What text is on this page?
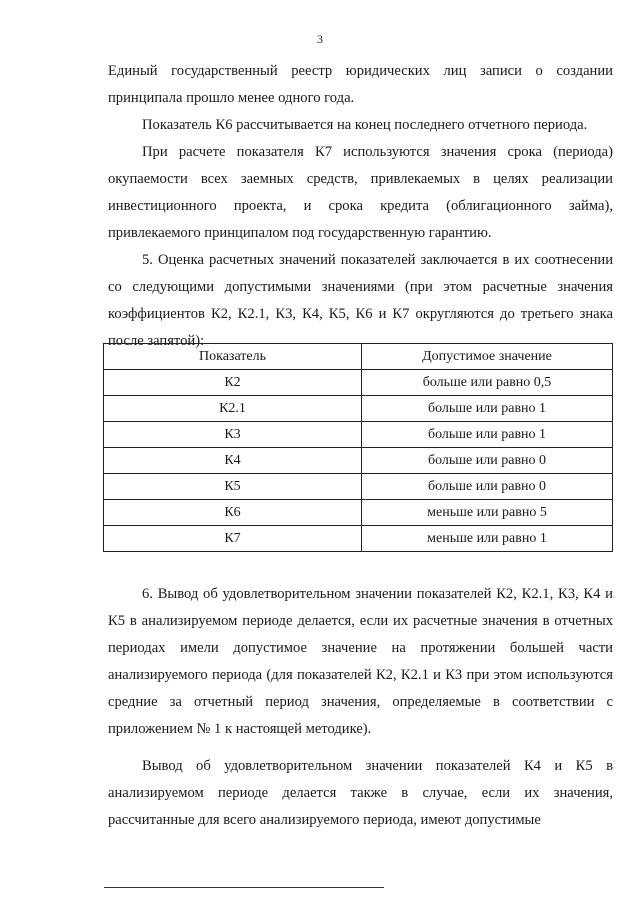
3

Единый государственный реестр юридических лиц записи о создании принципала прошло менее одного года.

Показатель К6 рассчитывается на конец последнего отчетного периода.

При расчете показателя К7 используются значения срока (периода) окупаемости всех заемных средств, привлекаемых в целях реализации инвестиционного проекта, и срока кредита (облигационного займа), привлекаемого принципалом под государственную гарантию.

5. Оценка расчетных значений показателей заключается в их соотнесении со следующими допустимыми значениями (при этом расчетные значения коэффициентов К2, К2.1, К3, К4, К5, К6 и К7 округляются до третьего знака после запятой):

Показатель	Допустимое значение
К2	больше или равно 0,5
К2.1	больше или равно 1
К3	больше или равно 1
К4	больше или равно 0
К5	больше или равно 0
К6	меньше или равно 5
К7	меньше или равно 1

6. Вывод об удовлетворительном значении показателей К2, К2.1, К3, К4 и К5 в анализируемом периоде делается, если их расчетные значения в отчетных периодах имели допустимое значение на протяжении большей части анализируемого периода (для показателей К2, К2.1 и К3 при этом используются средние за отчетный период значения, определяемые в соответствии с приложением № 1 к настоящей методике).

Вывод об удовлетворительном значении показателей К4 и К5 в анализируемом периоде делается также в случае, если их значения, рассчитанные для всего анализируемого периода, имеют допустимые
